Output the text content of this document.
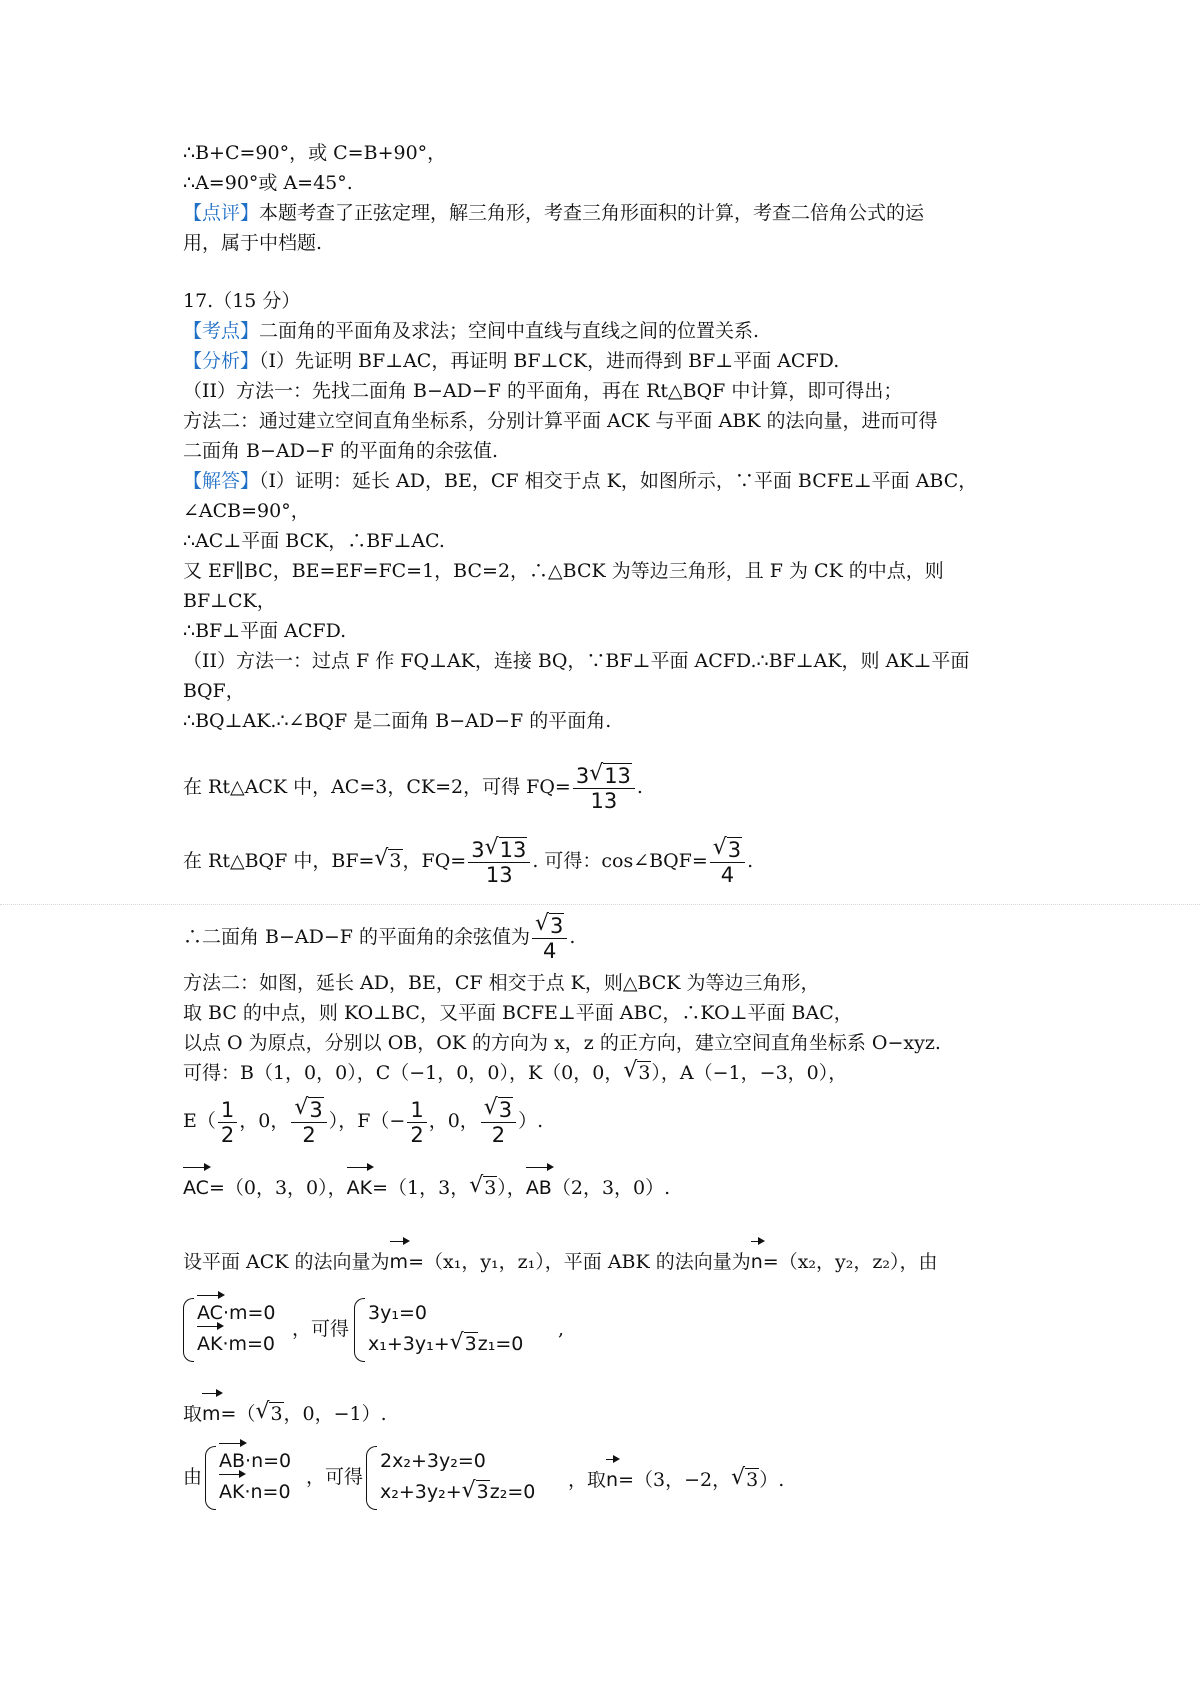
∴B+C=90°，或 C=B+90°，
∴A=90°或 A=45°.
【点评】本题考查了正弦定理，解三角形，考查三角形面积的计算，考查二倍角公式的运
用，属于中档题.
17.（15 分）
【考点】二面角的平面角及求法；空间中直线与直线之间的位置关系.
【分析】（I）先证明 BF⊥AC，再证明 BF⊥CK，进而得到 BF⊥平面 ACFD.
（II）方法一：先找二面角 B−AD−F 的平面角，再在 Rt△BQF 中计算，即可得出；
方法二：通过建立空间直角坐标系，分别计算平面 ACK 与平面 ABK 的法向量，进而可得
二面角 B−AD−F 的平面角的余弦值.
【解答】（I）证明：延长 AD，BE，CF 相交于点 K，如图所示，∵平面 BCFE⊥平面 ABC，
∠ACB=90°，
∴AC⊥平面 BCK，∴BF⊥AC.
又 EF∥BC，BE=EF=FC=1，BC=2，∴△BCK 为等边三角形，且 F 为 CK 的中点，则
BF⊥CK，
∴BF⊥平面 ACFD.
（II）方法一：过点 F 作 FQ⊥AK，连接 BQ，∵BF⊥平面 ACFD.∴BF⊥AK，则 AK⊥平面
BQF，
∴BQ⊥AK.∴∠BQF 是二面角 B−AD−F 的平面角.
在 Rt△ACK 中，AC=3，CK=2，可得 $FQ= \frac{3 √ 13}{13}$ .
在 Rt△BQF 中，BF= √ 3，$FQ= \frac{3 √ 13}{13}$ . 可得：cos∠BQF= √ $\frac{3}{4}$ .
∴二面角 B−AD−F 的平面角的余弦值为 √ $\frac{3}{4}$ .
方法二：如图，延长 AD，BE，CF 相交于点 K，则△BCK 为等边三角形，
取 BC 的中点，则 KO⊥BC，又平面 BCFE⊥平面 ABC，∴KO⊥平面 BAC，
以点 O 为原点，分别以 OB，OK 的方向为 x，z 的正方向，建立空间直角坐标系 O−xyz.
可得：B（1，0，0），C（−1，0，0），K（0，0， √ 3），A（−1，−3，0），
$E( \frac{1}{2}$ ，0， √ $\frac{3}{2}$ ），$F(- \frac{1}{2}$ ，0， √ $\frac{3}{2}$ ）.
AC=（0，3，0），AK=（1，3， √ 3），AB（2，3，0）.
设平面 ACK 的法向量为m=（x₁，y₁，z₁），平面 ABK 的法向量为n=（x₂，y₂，z₂），由
AC·m=0
AK·m=0
，可得
3y₁=0
x₁+3y₁+ √ 3z₁=0
,
取m=（ √ 3，0，−1）.
由
AB·n=0
AK·n=0
，可得
2x₂+3y₂=0
x₂+3y₂+ √ 3z₂=0
，取n=（3，−2， √ 3）.
